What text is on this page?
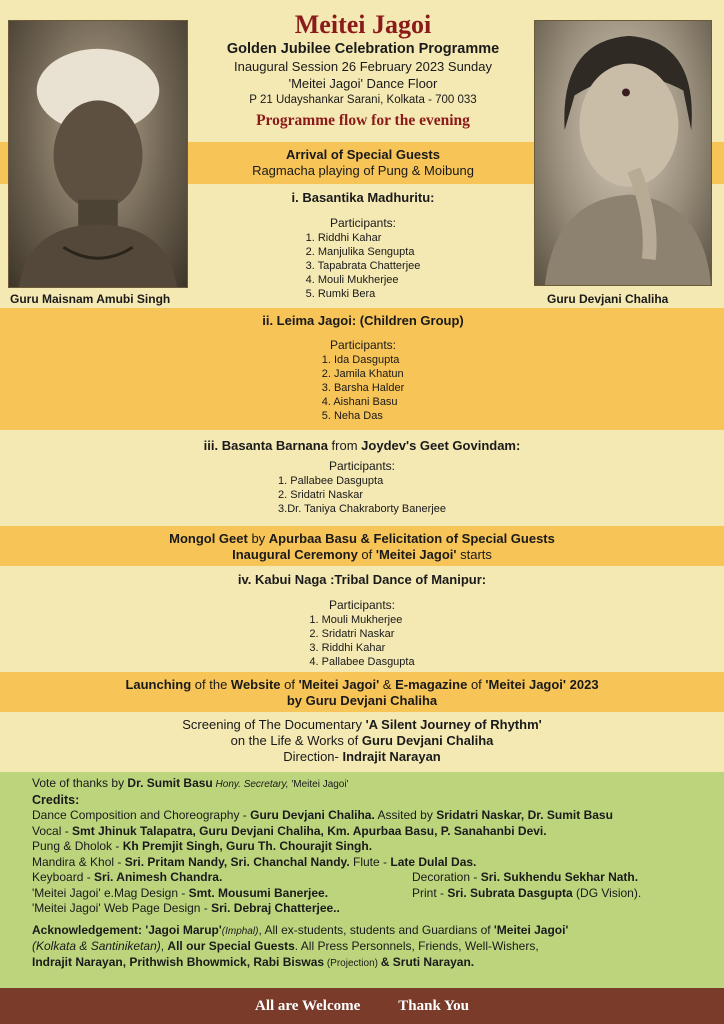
Guru Maisnam Amubi Singh	Guru Devjani Chaliha
Meitei Jagoi
Golden Jubilee Celebration Programme
Inaugural Session 26 February 2023 Sunday
'Meitei Jagoi' Dance Floor
P 21 Udayshankar Sarani, Kolkata - 700 033
Programme flow for the evening
Arrival of Special Guests
Ragmacha playing of Pung & Moibung
i. Basantika Madhuritu:
Participants:
1. Riddhi Kahar
2. Manjulika Sengupta
3. Tapabrata Chatterjee
4. Mouli Mukherjee
5. Rumki Bera
ii. Leima Jagoi: (Children Group)
Participants:
1. Ida Dasgupta
2. Jamila Khatun
3. Barsha Halder
4. Aishani Basu
5. Neha Das
iii. Basanta Barnana from Joydev's Geet Govindam:
Participants:
1. Pallabee Dasgupta
2. Sridatri Naskar
3.Dr. Taniya Chakraborty Banerjee
Mongol Geet by Apurbaa Basu & Felicitation of Special Guests
Inaugural Ceremony of 'Meitei Jagoi' starts
iv. Kabui Naga :Tribal Dance of Manipur:
Participants:
1. Mouli Mukherjee
2. Sridatri Naskar
3. Riddhi Kahar
4. Pallabee Dasgupta
Launching of the Website of 'Meitei Jagoi' & E-magazine of 'Meitei Jagoi' 2023
by Guru Devjani Chaliha
Screening of The Documentary 'A Silent Journey of Rhythm'
on the Life & Works of Guru Devjani Chaliha
Direction- Indrajit Narayan
Vote of thanks by Dr. Sumit Basu Hony. Secretary, 'Meitei Jagoi'
Credits:
Dance Composition and Choreography - Guru Devjani Chaliha. Assited by Sridatri Naskar, Dr. Sumit Basu
Vocal - Smt Jhinuk Talapatra, Guru Devjani Chaliha, Km. Apurbaa Basu, P. Sanahanbi Devi.
Pung & Dholok - Kh Premjit Singh, Guru Th. Chourajit Singh.
Mandira & Khol - Sri. Pritam Nandy, Sri. Chanchal Nandy. Flute - Late Dulal Das.
Keyboard - Sri. Animesh Chandra.	Decoration - Sri. Sukhendu Sekhar Nath.
'Meitei Jagoi' e.Mag Design - Smt. Mousumi Banerjee.	Print - Sri. Subrata Dasgupta (DG Vision).
'Meitei Jagoi' Web Page Design - Sri. Debraj Chatterjee..
Acknowledgement: 'Jagoi Marup'(Imphal), All ex-students, students and Guardians of 'Meitei Jagoi'
(Kolkata & Santiniketan), All our Special Guests. All Press Personnels, Friends, Well-Wishers,
Indrajit Narayan, Prithwish Bhowmick, Rabi Biswas (Projection) & Sruti Narayan.
All are Welcome	Thank You
